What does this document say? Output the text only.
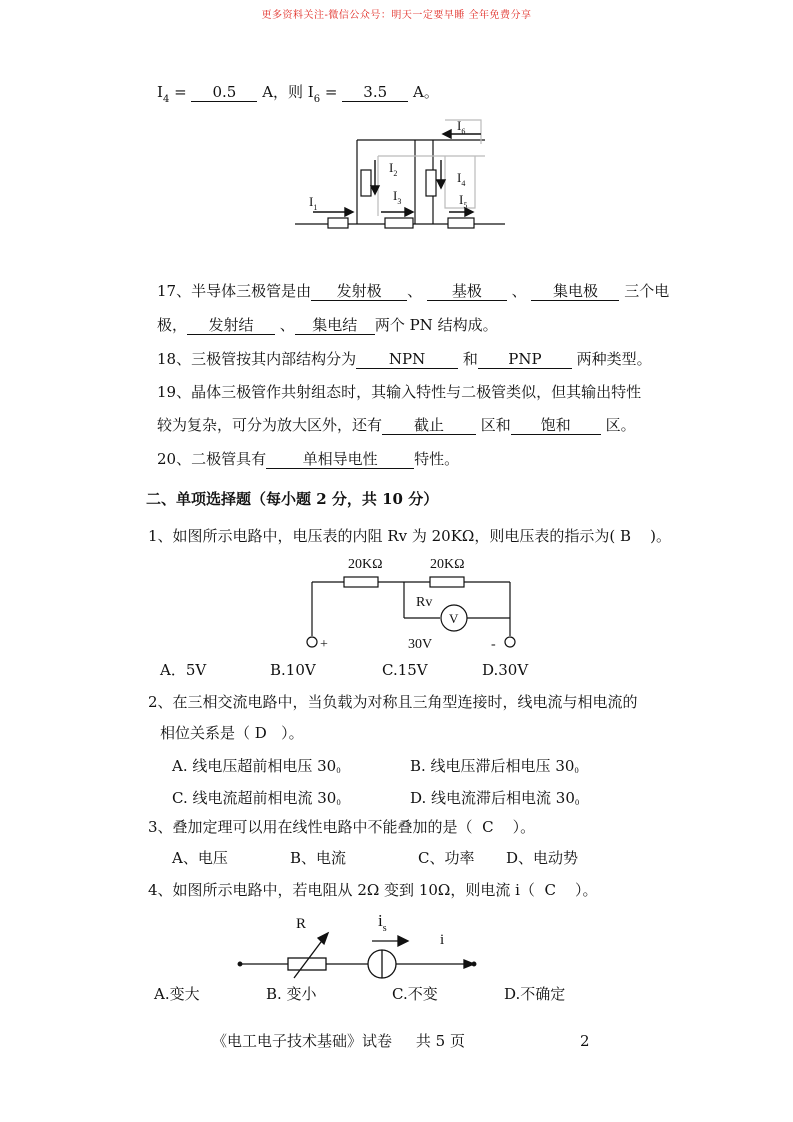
更多资料关注-微信公众号：明天一定要早睡 全年免费分享
$I_4 = 0.5$ A，则 $I_6 = 3.5$ A。
$I_6$
$I_2$	$I_4$
$I_1$
$I_3$	$I_5$
17、半导体三极管是由 发射极 、 基极 、 集电极 三个电
极， 发射结 、 集电结 两个 PN 结构成。
18、三极管按其内部结构分为 NPN	和 PNP 两种类型。
19、晶体三极管作共射组态时，其输入特性与二极管类似，但其输出特性
较为复杂，可分为放大区外，还有 截止 区和 饱和 区。
20、二极管具有 单相导电性 特性。
二、单项选择题（每小题 2 分，共 10 分）
1、如图所示电路中，电压表的内阻 Rv 为 20KΩ，则电压表的指示为( B )。
20KΩ	20KΩ
Rv
V
+	30V	-
A．5V	B.10V	C.15V	D.30V
2、在三相交流电路中，当负载为对称且三角型连接时，线电流与相电流的
相位关系是（ D ）。
A. 线电压超前相电压 300	B. 线电压滞后相电压 300
C. 线电流超前相电流 300	D. 线电流滞后相电流 300
3、叠加定理可以用在线性电路中不能叠加的是（ C ）。
A、电压	B、电流	C、功率 D、电动势
4、如图所示电路中，若电阻从 2Ω 变到 10Ω，则电流 i（ C ）。
R	$i_s$
i
A.变大	B. 变小	C.不变	D.不确定
《电工电子技术基础》试卷 共 5 页	2
